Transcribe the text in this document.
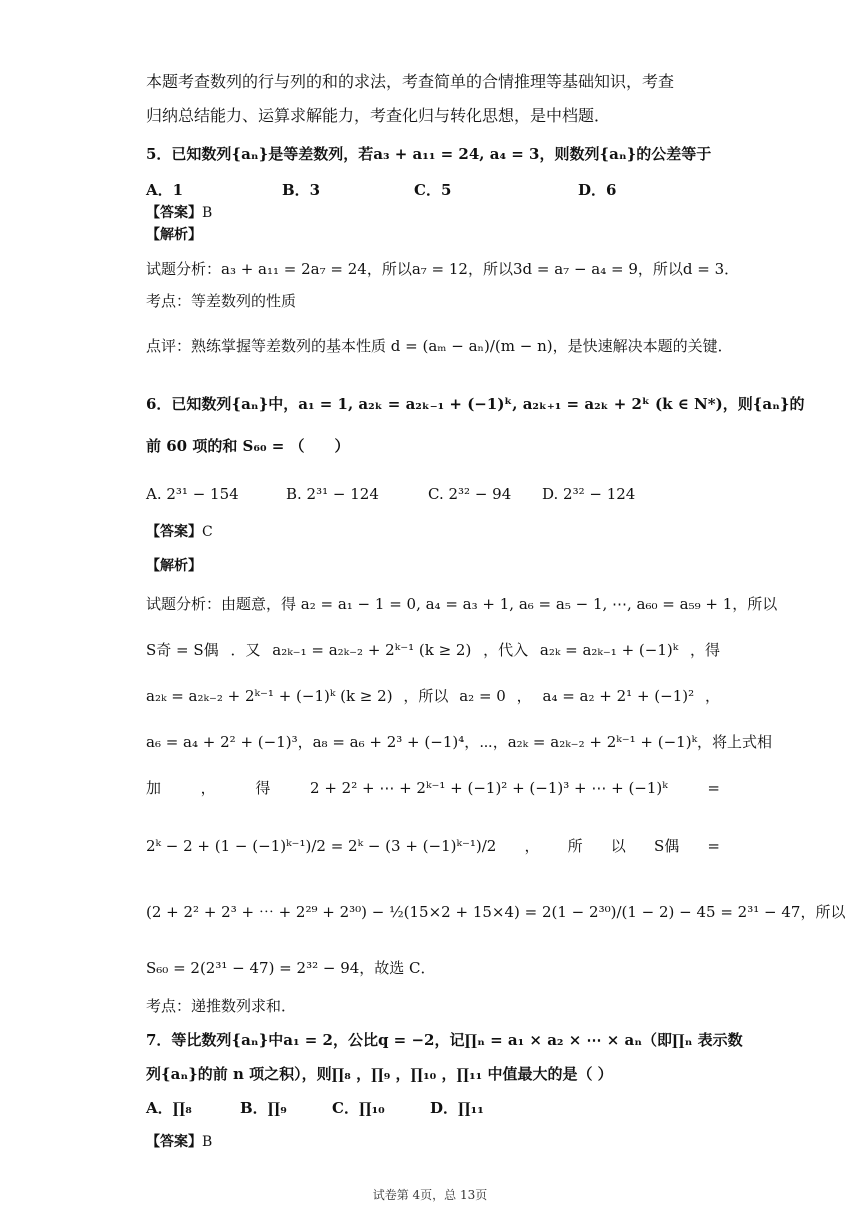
本题考查数列的行与列的和的求法，考查简单的合情推理等基础知识，考查
归纳总结能力、运算求解能力，考查化归与转化思想，是中档题．
5．已知数列{aₙ}是等差数列，若a₃ + a₁₁ = 24, a₄ = 3，则数列{aₙ}的公差等于
A．1	B．3	C．5	D．6
【答案】B
【解析】
试题分析：a₃ + a₁₁ = 2a₇ = 24，所以a₇ = 12，所以3d = a₇ − a₄ = 9，所以d = 3．
考点：等差数列的性质
点评：熟练掌握等差数列的基本性质 d = (aₘ − aₙ)/(m − n)，是快速解决本题的关键．
6．已知数列{aₙ}中，a₁ = 1, a₂ₖ = a₂ₖ₋₁ + (−1)ᵏ, a₂ₖ₊₁ = a₂ₖ + 2ᵏ (k ∈ N*)，则{aₙ}的
前 60 项的和 S₆₀ = （　　）
A. 2³¹ − 154	B. 2³¹ − 124	C. 2³² − 94 D. 2³² − 124
【答案】C
【解析】
试题分析：由题意，得 a₂ = a₁ − 1 = 0, a₄ = a₃ + 1, a₆ = a₅ − 1, ⋯, a₆₀ = a₅₉ + 1，所以
S奇 = S偶 ．又 a₂ₖ₋₁ = a₂ₖ₋₂ + 2ᵏ⁻¹ (k ≥ 2) ，代入 a₂ₖ = a₂ₖ₋₁ + (−1)ᵏ ，得
a₂ₖ = a₂ₖ₋₂ + 2ᵏ⁻¹ + (−1)ᵏ (k ≥ 2) ，所以 a₂ = 0 ， a₄ = a₂ + 2¹ + (−1)² ，
a₆ = a₄ + 2² + (−1)³，a₈ = a₆ + 2³ + (−1)⁴，⋯，a₂ₖ = a₂ₖ₋₂ + 2ᵏ⁻¹ + (−1)ᵏ，将上式相
加	，	得	2 + 2² + ⋯ + 2ᵏ⁻¹ + (−1)² + (−1)³ + ⋯ + (−1)ᵏ	=
2ᵏ − 2 + (1 − (−1)ᵏ⁻¹)/2 = 2ᵏ − (3 + (−1)ᵏ⁻¹)/2 ， 所 以 S偶 =
(2 + 2² + 2³ + ⋯ + 2²⁹ + 2³⁰) − ½(15×2 + 15×4) = 2(1 − 2³⁰)/(1 − 2) − 45 = 2³¹ − 47，所以
S₆₀ = 2(2³¹ − 47) = 2³² − 94，故选 C．
考点：递推数列求和．
7．等比数列{aₙ}中a₁ = 2，公比q = −2，记∏ₙ = a₁ × a₂ × ⋯ × aₙ（即∏ₙ 表示数
列{aₙ}的前 n 项之积），则∏₈ ，∏₉ ，∏₁₀ ，∏₁₁ 中值最大的是（ ）
A．∏₈	B．∏₉	C．∏₁₀	D．∏₁₁
【答案】B
试卷第 4页，总 13页
